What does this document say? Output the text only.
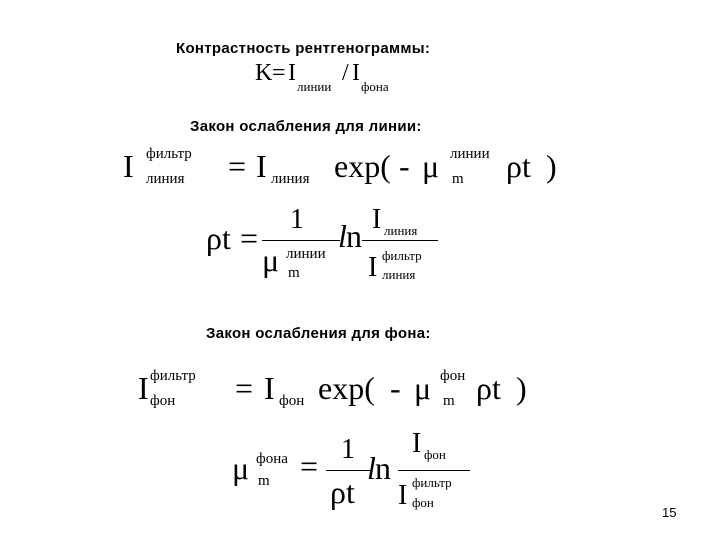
Контрастность рентгенограммы:
K = I
линии
/ I
фона
Закон ослабления для линии:
I фильтр
линия = I линия exp( - μ линии
m ρt )
ρt =
1
μ линии
m
l n I линия
I фильтр
линия
Закон ослабления для фона:
I фильтр
фон = I фон exp( - μ фон
m ρt )
μ фона
m = 1
ρt
l n
I фон
I фильтр
фон
15
